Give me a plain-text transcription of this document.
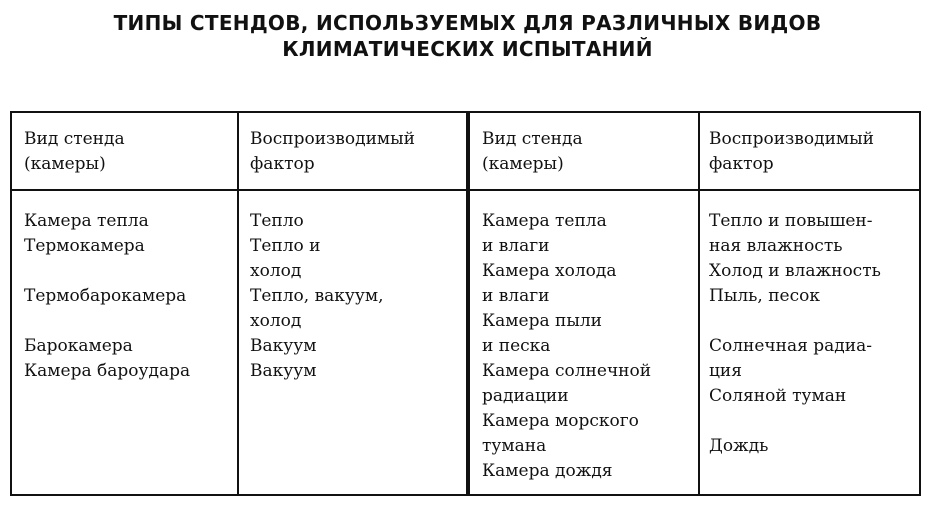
ТИПЫ СТЕНДОВ, ИСПОЛЬЗУЕМЫХ ДЛЯ РАЗЛИЧНЫХ ВИДОВ
КЛИМАТИЧЕСКИХ ИСПЫТАНИЙ
Вид стенда
(камеры)
Воспроизводимый
фактор
Вид стенда
(камеры)
Воспроизводимый
фактор
Камера тепла
Термокамера
Термобарокамера
Барокамера
Камера бароудара
Тепло
Тепло и
холод
Тепло, вакуум,
холод
Вакуум
Вакуум
Камера тепла
и влаги
Камера холода
и влаги
Камера пыли
и песка
Камера солнечной
радиации
Камера морского
тумана
Камера дождя
Тепло и повышен-
ная влажность
Холод и влажность
Пыль, песок
Солнечная радиа-
ция
Соляной туман
Дождь
